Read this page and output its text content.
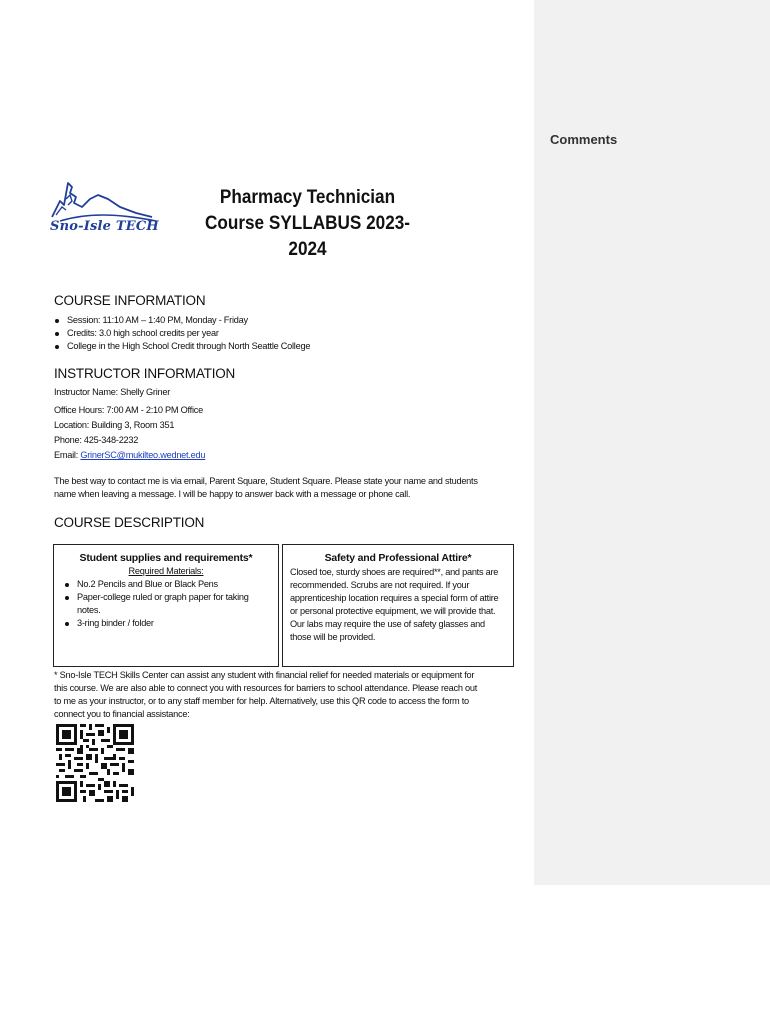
Comments
Sno-Isle TECH
Pharmacy Technician
Course SYLLABUS 2023-
2024
COURSE INFORMATION
Session: 11:10 AM – 1:40 PM, Monday - Friday
Credits: 3.0 high school credits per year
College in the High School Credit through North Seattle College
INSTRUCTOR INFORMATION
Instructor Name: Shelly Griner
Office Hours: 7:00 AM - 2:10 PM Office
Location: Building 3, Room 351
Phone: 425-348-2232
Email: GrinerSC@mukilteo.wednet.edu
The best way to contact me is via email, Parent Square, Student Square. Please state your name and students
name when leaving a message. I will be happy to answer back with a message or phone call.
COURSE DESCRIPTION
Student supplies and requirements*
Required Materials:
No.2 Pencils and Blue or Black Pens
Paper-college ruled or graph paper for taking notes.
3-ring binder / folder
Safety and Professional Attire*
Closed toe, sturdy shoes are required**, and pants are recommended. Scrubs are not required. If your apprenticeship location requires a special form of attire or personal protective equipment, we will provide that. Our labs may require the use of safety glasses and those will be provided.
* Sno-Isle TECH Skills Center can assist any student with financial relief for needed materials or equipment for
this course. We are also able to connect you with resources for barriers to school attendance. Please reach out
to me as your instructor, or to any staff member for help. Alternatively, use this QR code to access the form to
connect you to financial assistance:
